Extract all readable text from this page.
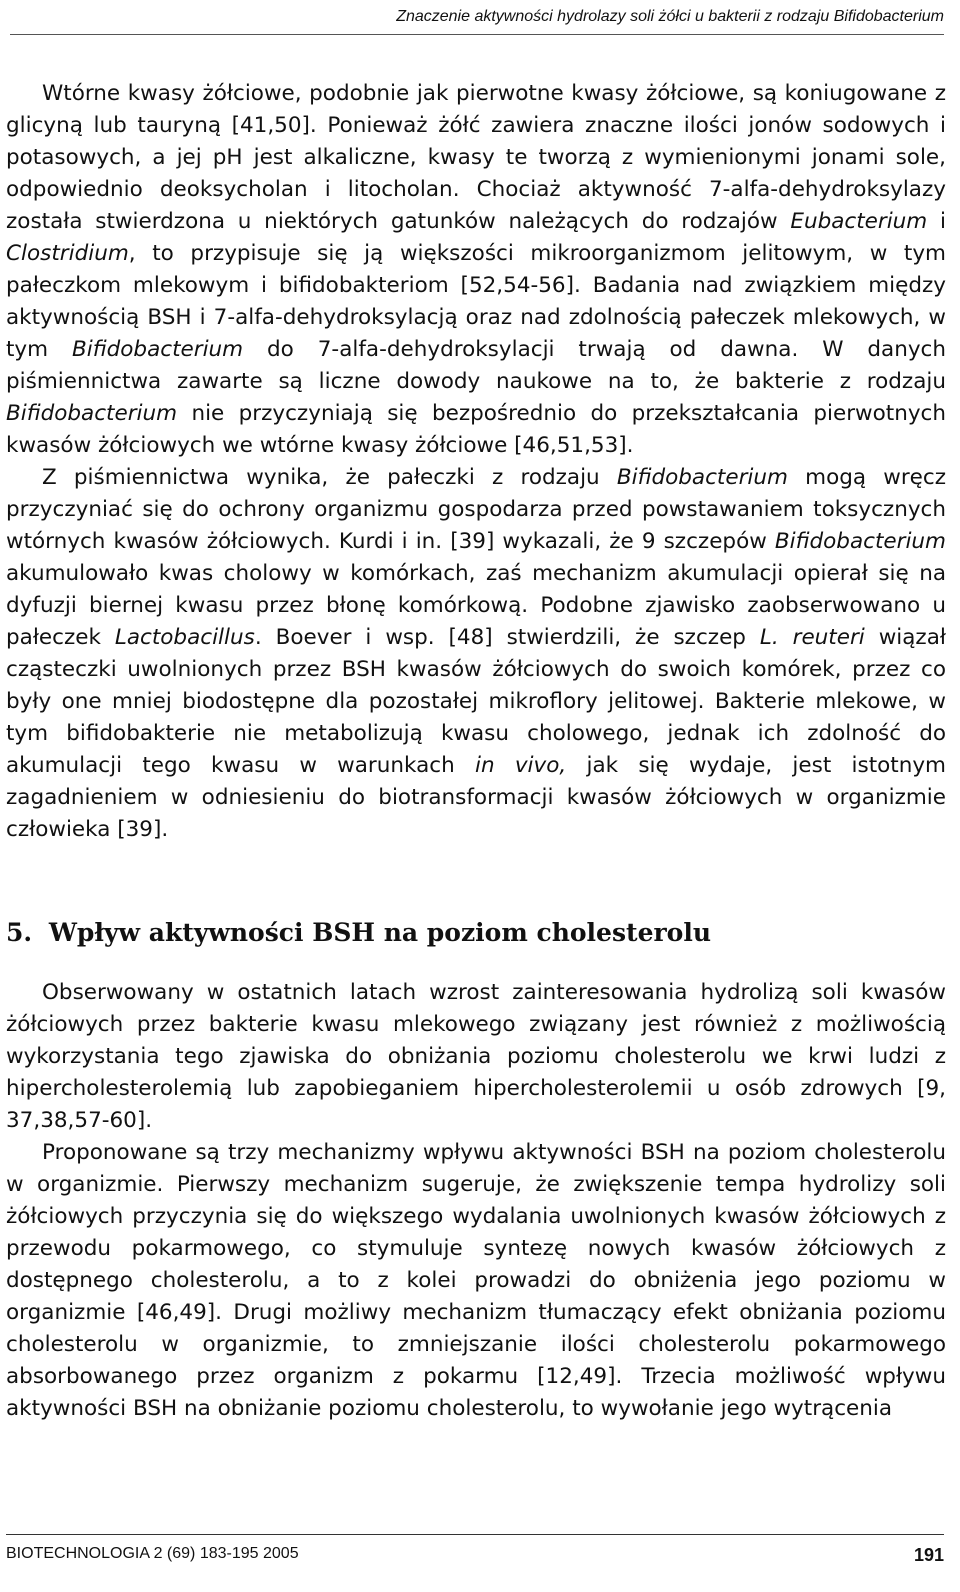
Znaczenie aktywności hydrolazy soli żółci u bakterii z rodzaju Bifidobacterium

Wtórne kwasy żółciowe, podobnie jak pierwotne kwasy żółciowe, są koniugowane z glicyną lub tauryną [41,50]. Ponieważ żółć zawiera znaczne ilości jonów sodowych i potasowych, a jej pH jest alkaliczne, kwasy te tworzą z wymienionymi jonami sole, odpowiednio deoksycholan i litocholan. Chociaż aktywność 7-alfa-dehydroksylazy została stwierdzona u niektórych gatunków należących do rodzajów Eubacterium i Clostridium, to przypisuje się ją większości mikroorganizmom jelitowym, w tym pałeczkom mlekowym i bifidobakteriom [52,54-56]. Badania nad związkiem między aktywnością BSH i 7-alfa-dehydroksylacją oraz nad zdolnością pałeczek mlekowych, w tym Bifidobacterium do 7-alfa-dehydroksylacji trwają od dawna. W danych piśmiennictwa zawarte są liczne dowody naukowe na to, że bakterie z rodzaju Bifidobacterium nie przyczyniają się bezpośrednio do przekształcania pierwotnych kwasów żółciowych we wtórne kwasy żółciowe [46,51,53].

Z piśmiennictwa wynika, że pałeczki z rodzaju Bifidobacterium mogą wręcz przyczyniać się do ochrony organizmu gospodarza przed powstawaniem toksycznych wtórnych kwasów żółciowych. Kurdi i in. [39] wykazali, że 9 szczepów Bifidobacterium akumulowało kwas cholowy w komórkach, zaś mechanizm akumulacji opierał się na dyfuzji biernej kwasu przez błonę komórkową. Podobne zjawisko zaobserwowano u pałeczek Lactobacillus. Boever i wsp. [48] stwierdzili, że szczep L. reuteri wiązał cząsteczki uwolnionych przez BSH kwasów żółciowych do swoich komórek, przez co były one mniej biodostępne dla pozostałej mikroflory jelitowej. Bakterie mlekowe, w tym bifidobakterie nie metabolizują kwasu cholowego, jednak ich zdolność do akumulacji tego kwasu w warunkach in vivo, jak się wydaje, jest istotnym zagadnieniem w odniesieniu do biotransformacji kwasów żółciowych w organizmie człowieka [39].

5. Wpływ aktywności BSH na poziom cholesterolu

Obserwowany w ostatnich latach wzrost zainteresowania hydrolizą soli kwasów żółciowych przez bakterie kwasu mlekowego związany jest również z możliwością wykorzystania tego zjawiska do obniżania poziomu cholesterolu we krwi ludzi z hipercholesterolemią lub zapobieganiem hipercholesterolemii u osób zdrowych [9, 37,38,57-60].

Proponowane są trzy mechanizmy wpływu aktywności BSH na poziom cholesterolu w organizmie. Pierwszy mechanizm sugeruje, że zwiększenie tempa hydrolizy soli żółciowych przyczynia się do większego wydalania uwolnionych kwasów żółciowych z przewodu pokarmowego, co stymuluje syntezę nowych kwasów żółciowych z dostępnego cholesterolu, a to z kolei prowadzi do obniżenia jego poziomu w organizmie [46,49]. Drugi możliwy mechanizm tłumaczący efekt obniżania poziomu cholesterolu w organizmie, to zmniejszanie ilości cholesterolu pokarmowego absorbowanego przez organizm z pokarmu [12,49]. Trzecia możliwość wpływu aktywności BSH na obniżanie poziomu cholesterolu, to wywołanie jego wytrącenia

BIOTECHNOLOGIA 2 (69) 183-195 2005	191
